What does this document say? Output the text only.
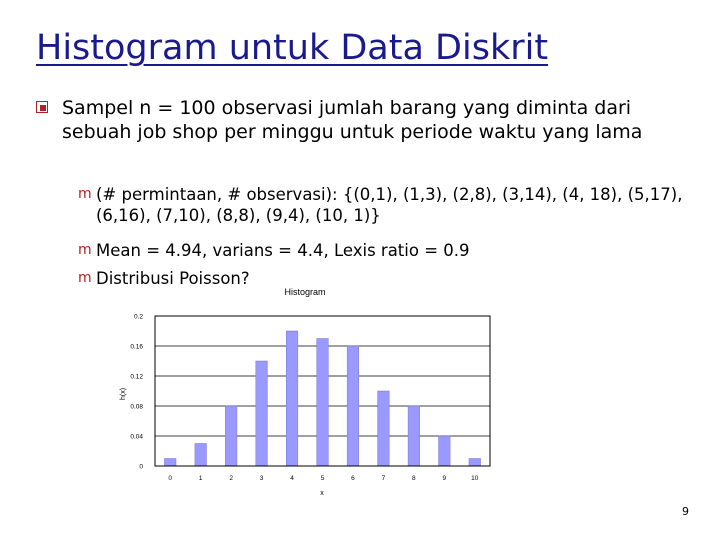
Histogram untuk Data Diskrit
Sampel n = 100 observasi jumlah barang yang diminta dari sebuah job shop per minggu untuk periode waktu yang lama
m (# permintaan, # observasi): {(0,1), (1,3), (2,8), (3,14), (4, 18), (5,17), (6,16), (7,10), (8,8), (9,4), (10, 1)}
m Mean = 4.94, varians = 4.4, Lexis ratio = 0.9
m Distribusi Poisson?
Histogram
0
0.04
0.08
0.12
0.16
0.2
0	1	2	3	4	5	6	7	8	9	10
x
h(x)
9
